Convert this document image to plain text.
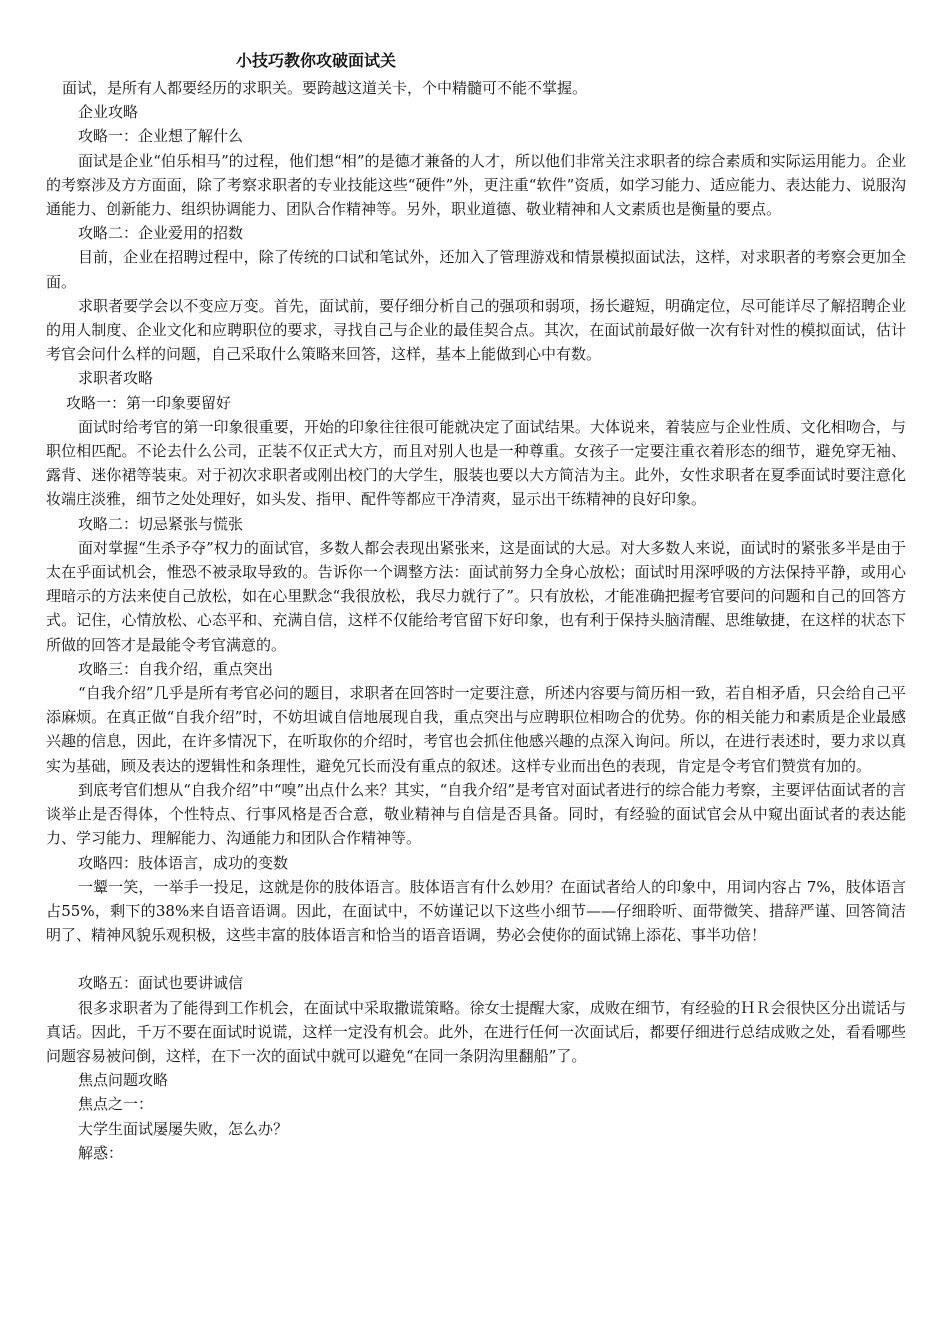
小技巧教你攻破面试关
面试，是所有人都要经历的求职关。要跨越这道关卡，个中精髓可不能不掌握。
企业攻略
攻略一：企业想了解什么

面试是企业“伯乐相马”的过程，他们想“相”的是德才兼备的人才，所以他们非常关注求职者的综合素质和实际运用能力。企业的考察涉及方方面面，除了考察求职者的专业技能这些“硬件”外，更注重“软件”资质，如学习能力、适应能力、表达能力、说服沟通能力、创新能力、组织协调能力、团队合作精神等。另外，职业道德、敬业精神和人文素质也是衡量的要点。

攻略二：企业爱用的招数

目前，企业在招聘过程中，除了传统的口试和笔试外，还加入了管理游戏和情景模拟面试法，这样，对求职者的考察会更加全面。

求职者要学会以不变应万变。首先，面试前，要仔细分析自己的强项和弱项，扬长避短，明确定位，尽可能详尽了解招聘企业的用人制度、企业文化和应聘职位的要求，寻找自己与企业的最佳契合点。其次，在面试前最好做一次有针对性的模拟面试，估计考官会问什么样的问题，自己采取什么策略来回答，这样，基本上能做到心中有数。

求职者攻略
攻略一：第一印象要留好

面试时给考官的第一印象很重要，开始的印象往往很可能就决定了面试结果。大体说来，着装应与企业性质、文化相吻合，与职位相匹配。不论去什么公司，正装不仅正式大方，而且对别人也是一种尊重。女孩子一定要注重衣着形态的细节，避免穿无袖、露背、迷你裙等装束。对于初次求职者或刚出校门的大学生，服装也要以大方简洁为主。此外，女性求职者在夏季面试时要注意化妆端庄淡雅，细节之处处理好，如头发、指甲、配件等都应干净清爽，显示出干练精神的良好印象。

攻略二：切忌紧张与慌张

面对掌握“生杀予夺”权力的面试官，多数人都会表现出紧张来，这是面试的大忌。对大多数人来说，面试时的紧张多半是由于太在乎面试机会，惟恐不被录取导致的。告诉你一个调整方法：面试前努力全身心放松；面试时用深呼吸的方法保持平静，或用心理暗示的方法来使自己放松，如在心里默念“我很放松，我尽力就行了”。只有放松，才能准确把握考官要问的问题和自己的回答方式。记住，心情放松、心态平和、充满自信，这样不仅能给考官留下好印象，也有利于保持头脑清醒、思维敏捷，在这样的状态下所做的回答才是最能令考官满意的。

攻略三：自我介绍，重点突出

“自我介绍”几乎是所有考官必问的题目，求职者在回答时一定要注意，所述内容要与简历相一致，若自相矛盾，只会给自己平添麻烦。在真正做“自我介绍”时，不妨坦诚自信地展现自我，重点突出与应聘职位相吻合的优势。你的相关能力和素质是企业最感兴趣的信息，因此，在许多情况下，在听取你的介绍时，考官也会抓住他感兴趣的点深入询问。所以，在进行表述时，要力求以真实为基础，顾及表达的逻辑性和条理性，避免冗长而没有重点的叙述。这样专业而出色的表现，肯定是令考官们赞赏有加的。

到底考官们想从“自我介绍”中“嗅”出点什么来？其实，“自我介绍”是考官对面试者进行的综合能力考察，主要评估面试者的言谈举止是否得体，个性特点、行事风格是否合意，敬业精神与自信是否具备。同时，有经验的面试官会从中窥出面试者的表达能力、学习能力、理解能力、沟通能力和团队合作精神等。

攻略四：肢体语言，成功的变数

一颦一笑，一举手一投足，这就是你的肢体语言。肢体语言有什么妙用？在面试者给人的印象中，用词内容占 7%，肢体语言占55%，剩下的38%来自语音语调。因此，在面试中，不妨谨记以下这些小细节——仔细聆听、面带微笑、措辞严谨、回答简洁明了、精神风貌乐观积极，这些丰富的肢体语言和恰当的语音语调，势必会使你的面试锦上添花、事半功倍！

攻略五：面试也要讲诚信

很多求职者为了能得到工作机会，在面试中采取撒谎策略。徐女士提醒大家，成败在细节，有经验的ＨＲ会很快区分出谎话与真话。因此，千万不要在面试时说谎，这样一定没有机会。此外，在进行任何一次面试后，都要仔细进行总结成败之处，看看哪些问题容易被问倒，这样，在下一次的面试中就可以避免“在同一条阴沟里翻船”了。

焦点问题攻略
焦点之一：
大学生面试屡屡失败，怎么办？
解惑：
